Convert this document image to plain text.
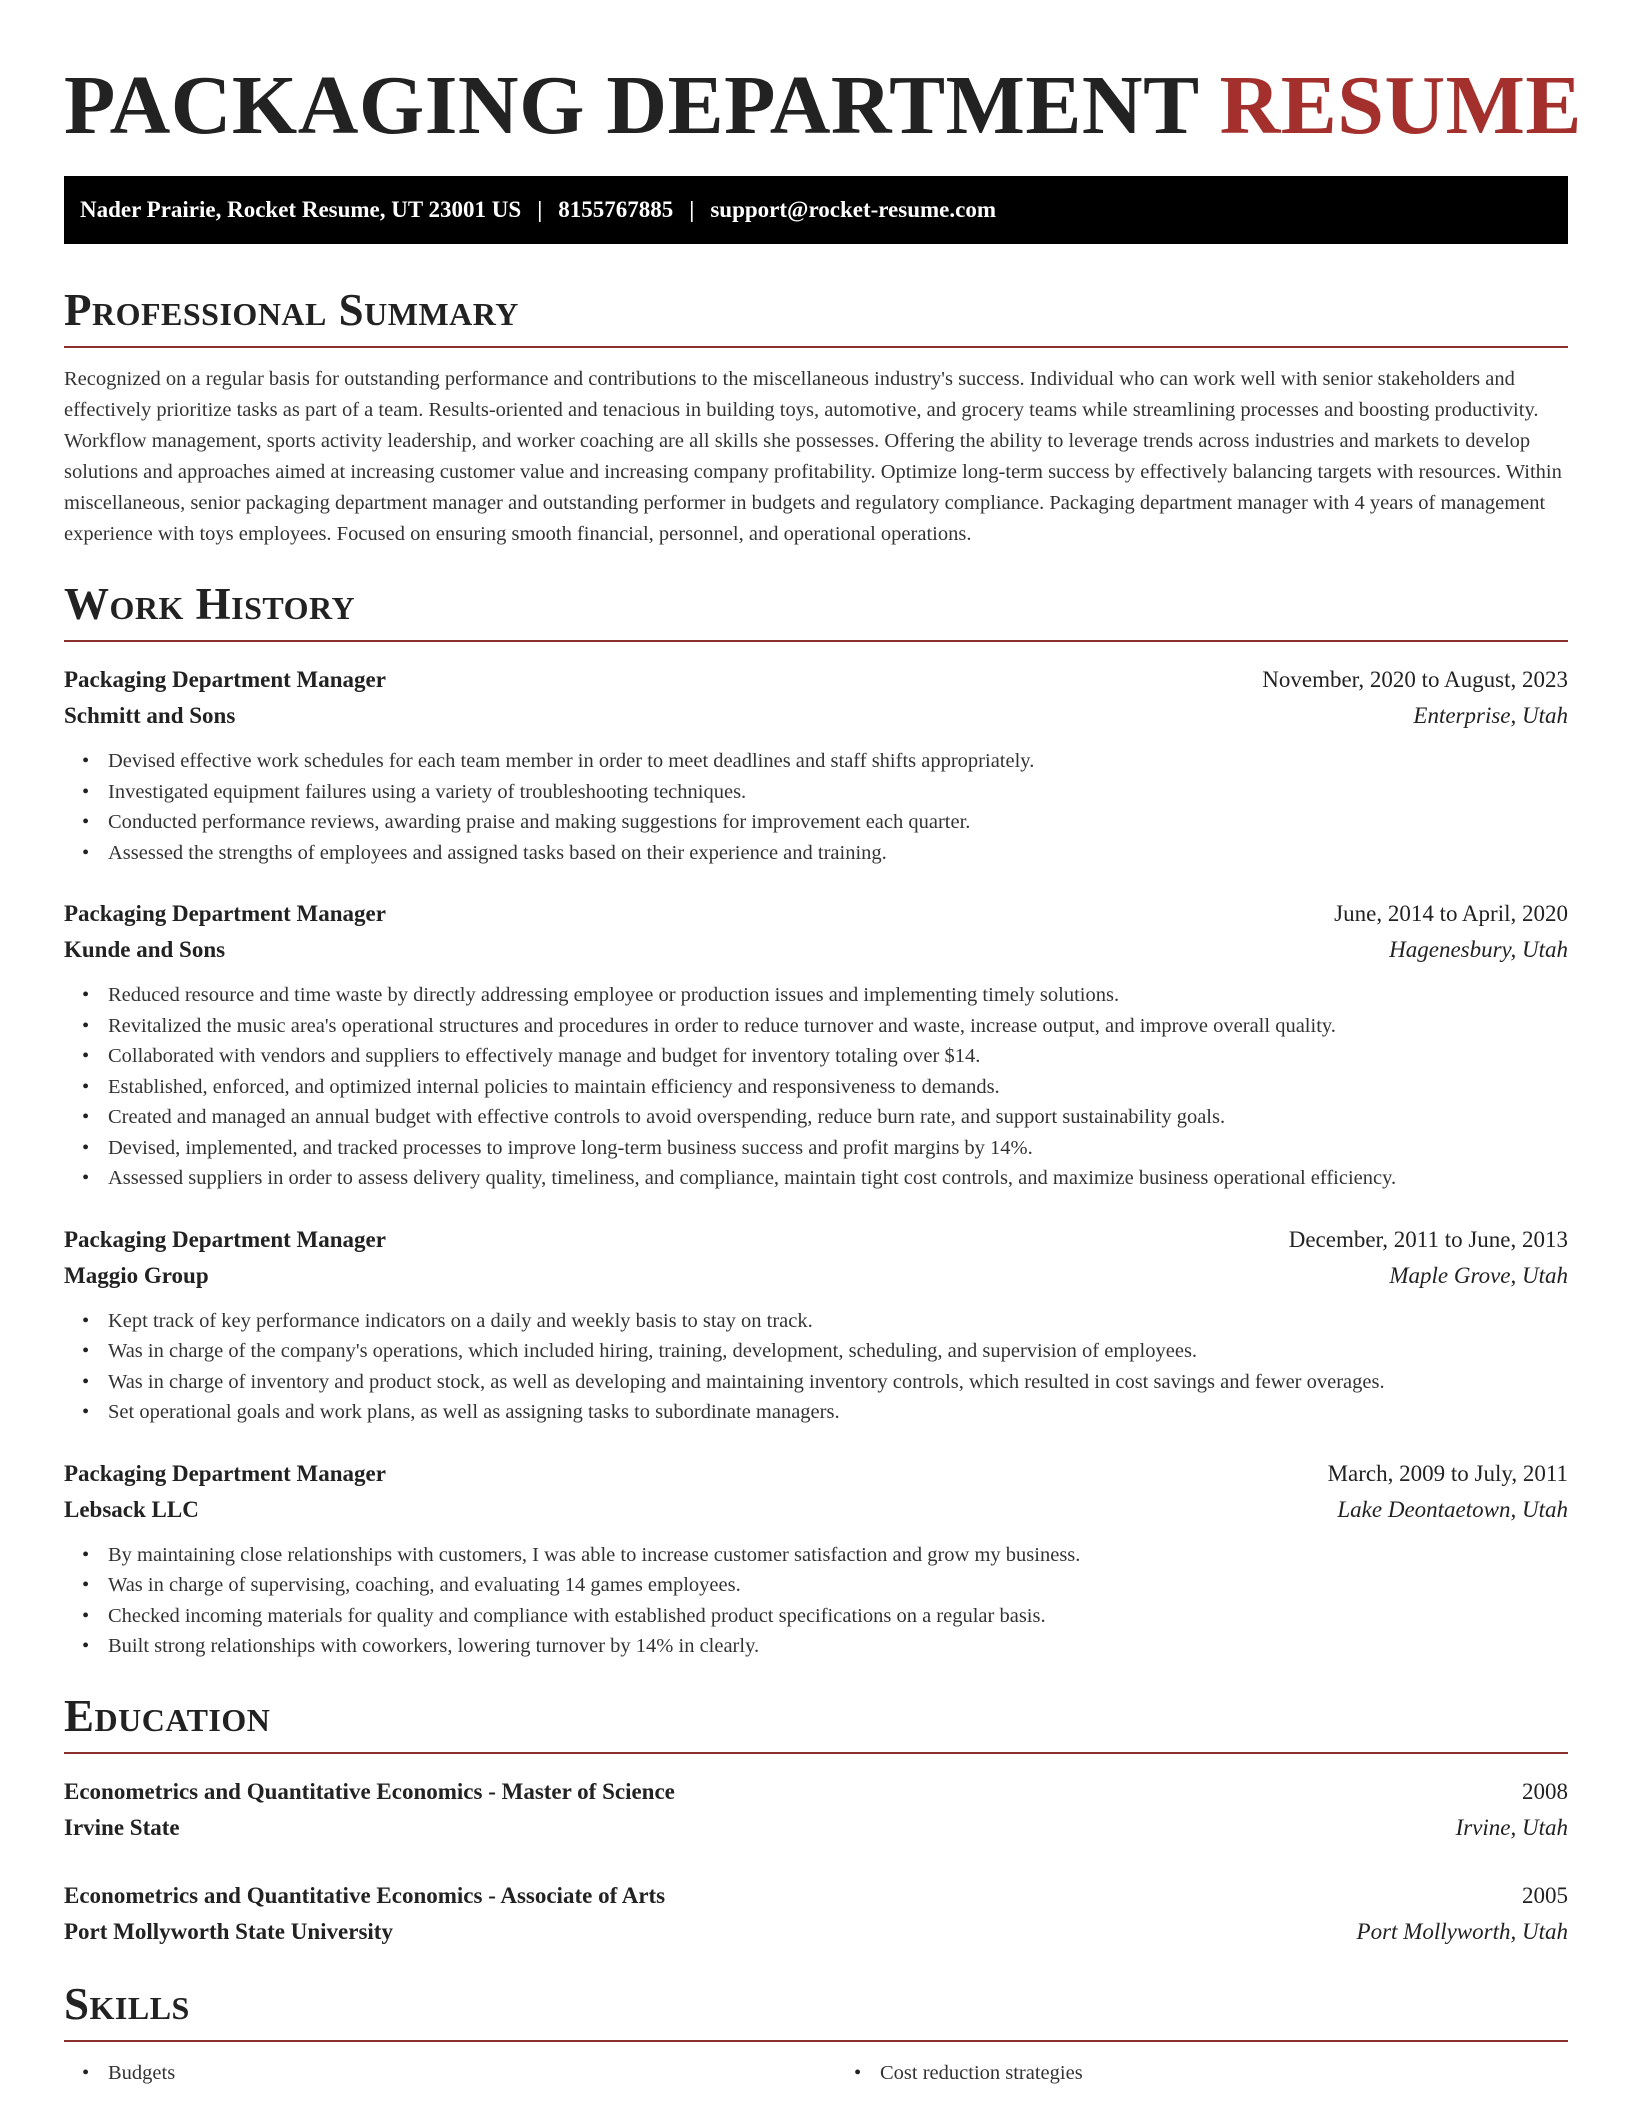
PACKAGING DEPARTMENT RESUME
Nader Prairie, Rocket Resume, UT 23001 US | 8155767885 | support@rocket-resume.com
Professional Summary

Recognized on a regular basis for outstanding performance and contributions to the miscellaneous industry's success. Individual who can work well with senior stakeholders and effectively prioritize tasks as part of a team. Results-oriented and tenacious in building toys, automotive, and grocery teams while streamlining processes and boosting productivity. Workflow management, sports activity leadership, and worker coaching are all skills she possesses. Offering the ability to leverage trends across industries and markets to develop solutions and approaches aimed at increasing customer value and increasing company profitability. Optimize long-term success by effectively balancing targets with resources. Within miscellaneous, senior packaging department manager and outstanding performer in budgets and regulatory compliance. Packaging department manager with 4 years of management experience with toys employees. Focused on ensuring smooth financial, personnel, and operational operations.

Work History
Packaging Department Manager	November, 2020 to August, 2023
Schmitt and Sons	Enterprise, Utah
• Devised effective work schedules for each team member in order to meet deadlines and staff shifts appropriately.
• Investigated equipment failures using a variety of troubleshooting techniques.
• Conducted performance reviews, awarding praise and making suggestions for improvement each quarter.
• Assessed the strengths of employees and assigned tasks based on their experience and training.
Packaging Department Manager	June, 2014 to April, 2020
Kunde and Sons	Hagenesbury, Utah
• Reduced resource and time waste by directly addressing employee or production issues and implementing timely solutions.
• Revitalized the music area's operational structures and procedures in order to reduce turnover and waste, increase output, and improve overall quality.
• Collaborated with vendors and suppliers to effectively manage and budget for inventory totaling over $14.
• Established, enforced, and optimized internal policies to maintain efficiency and responsiveness to demands.
• Created and managed an annual budget with effective controls to avoid overspending, reduce burn rate, and support sustainability goals.
• Devised, implemented, and tracked processes to improve long-term business success and profit margins by 14%.
• Assessed suppliers in order to assess delivery quality, timeliness, and compliance, maintain tight cost controls, and maximize business operational efficiency.
Packaging Department Manager	December, 2011 to June, 2013
Maggio Group	Maple Grove, Utah
• Kept track of key performance indicators on a daily and weekly basis to stay on track.
• Was in charge of the company's operations, which included hiring, training, development, scheduling, and supervision of employees.
• Was in charge of inventory and product stock, as well as developing and maintaining inventory controls, which resulted in cost savings and fewer overages.
• Set operational goals and work plans, as well as assigning tasks to subordinate managers.
Packaging Department Manager	March, 2009 to July, 2011
Lebsack LLC	Lake Deontaetown, Utah
• By maintaining close relationships with customers, I was able to increase customer satisfaction and grow my business.
• Was in charge of supervising, coaching, and evaluating 14 games employees.
• Checked incoming materials for quality and compliance with established product specifications on a regular basis.
• Built strong relationships with coworkers, lowering turnover by 14% in clearly.
Education
Econometrics and Quantitative Economics - Master of Science	2008
Irvine State	Irvine, Utah
Econometrics and Quantitative Economics - Associate of Arts	2005
Port Mollyworth State University	Port Mollyworth, Utah
Skills
• Budgets
•	Cost reduction strategies
